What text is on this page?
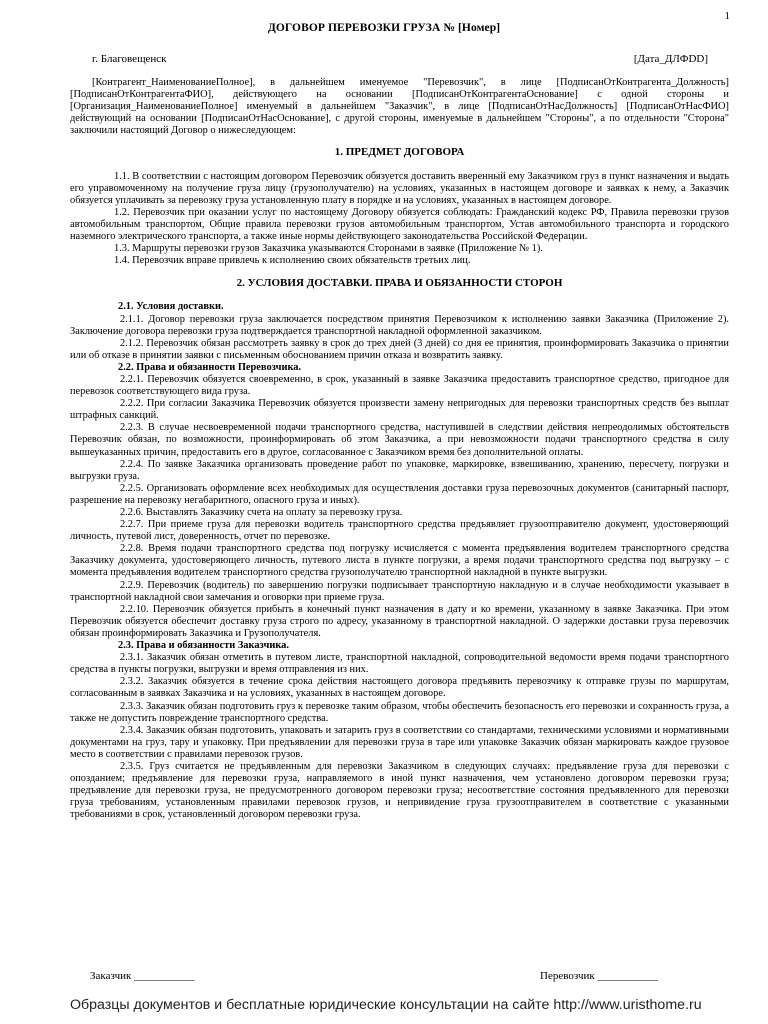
1
ДОГОВОР ПЕРЕВОЗКИ ГРУЗА № [Номер]
г. Благовещенск	[Дата_ДЛФDD]

[Контрагент_НаименованиеПолное], в дальнейшем именуемое "Перевозчик", в лице [ПодписанОтКонтрагента_Должность] [ПодписанОтКонтрагентаФИО], действующего на основании [ПодписанОтКонтрагентаОснование] с одной стороны и [Организация_НаименованиеПолное] именуемый в дальнейшем "Заказчик", в лице [ПодписанОтНасДолжность] [ПодписанОтНасФИО] действующий на основании [ПодписанОтНасОснование], с другой стороны, именуемые в дальнейшем "Стороны", а по отдельности "Сторона" заключили настоящий Договор о нижеследующем:

1. ПРЕДМЕТ ДОГОВОРА

1.1. В соответствии с настоящим договором Перевозчик обязуется доставить вверенный ему Заказчиком груз в пункт назначения и выдать его управомоченному на получение груза лицу (грузополучателю) на условиях, указанных в настоящем договоре и заявках к нему, а Заказчик обязуется уплачивать за перевозку груза установленную плату в порядке и на условиях, указанных в настоящем договоре.

1.2. Перевозчик при оказании услуг по настоящему Договору обязуется соблюдать: Гражданский кодекс РФ, Правила перевозки грузов автомобильным транспортом, Общие правила перевозки грузов автомобильным транспортом, Устав автомобильного транспорта и городского наземного электрического транспорта, а также иные нормы действующего законодательства Российской Федерации.

1.3. Маршруты перевозки грузов Заказчика указываются Сторонами в заявке (Приложение № 1).

1.4. Перевозчик вправе привлечь к исполнению своих обязательств третьих лиц.

2. УСЛОВИЯ ДОСТАВКИ. ПРАВА И ОБЯЗАННОСТИ СТОРОН

2.1. Условия доставки.

2.1.1. Договор перевозки груза заключается посредством принятия Перевозчиком к исполнению заявки Заказчика (Приложение 2). Заключение договора перевозки груза подтверждается транспортной накладной оформленной заказчиком.

2.1.2. Перевозчик обязан рассмотреть заявку в срок до трех дней (3 дней) со дня ее принятия, проинформировать Заказчика о принятии или об отказе в принятии заявки с письменным обоснованием причин отказа и возвратить заявку.

2.2. Права и обязанности Перевозчика.

2.2.1. Перевозчик обязуется своевременно, в срок, указанный в заявке Заказчика предоставить транспортное средство, пригодное для перевозок соответствующего вида груза.

2.2.2. При согласии Заказчика Перевозчик обязуется произвести замену непригодных для перевозки транспортных средств без выплат штрафных санкций.

2.2.3. В случае несвоевременной подачи транспортного средства, наступившей в следствии действия непреодолимых обстоятельств Перевозчик обязан, по возможности, проинформировать об этом Заказчика, а при невозможности подачи транспортного средства в силу вышеуказанных причин, предоставить его в другое, согласованное с Заказчиком время без дополнительной оплаты.

2.2.4. По заявке Заказчика организовать проведение работ по упаковке, маркировке, взвешиванию, хранению, пересчету, погрузки и выгрузки груза.

2.2.5. Организовать оформление всех необходимых для осуществления доставки груза перевозочных документов (санитарный паспорт, разрешение на перевозку негабаритного, опасного груза и иных).

2.2.6. Выставлять Заказчику счета на оплату за перевозку груза.

2.2.7. При приеме груза для перевозки водитель транспортного средства предъявляет грузоотправителю документ, удостоверяющий личность, путевой лист, доверенность, отчет по перевозке.

2.2.8. Время подачи транспортного средства под погрузку исчисляется с момента предъявления водителем транспортного средства Заказчику документа, удостоверяющего личность, путевого листа в пункте погрузки, а время подачи транспортного средства под выгрузку – с момента предъявления водителем транспортного средства грузополучателю транспортной накладной в пункте выгрузки.

2.2.9. Перевозчик (водитель) по завершению погрузки подписывает транспортную накладную и в случае необходимости указывает в транспортной накладной свои замечания и оговорки при приеме груза.

2.2.10. Перевозчик обязуется прибыть в конечный пункт назначения в дату и ко времени, указанному в заявке Заказчика. При этом Перевозчик обязуется обеспечит доставку груза строго по адресу, указанному в транспортной накладной. О задержки доставки груза перевозчик обязан проинформировать Заказчика и Грузополучателя.

2.3. Права и обязанности Заказчика.

2.3.1. Заказчик обязан отметить в путевом листе, транспортной накладной, сопроводительной ведомости время подачи транспортного средства в пункты погрузки, выгрузки и время отправления из них.

2.3.2. Заказчик обязуется в течение срока действия настоящего договора предъявить перевозчику к отправке грузы по маршрутам, согласованным в заявках Заказчика и на условиях, указанных в настоящем договоре.

2.3.3. Заказчик обязан подготовить груз к перевозке таким образом, чтобы обеспечить безопасность его перевозки и сохранность груза, а также не допустить повреждение транспортного средства.

2.3.4. Заказчик обязан подготовить, упаковать и затарить груз в соответствии со стандартами, техническими условиями и нормативными документами на груз, тару и упаковку. При предъявлении для перевозки груза в таре или упаковке Заказчик обязан маркировать каждое грузовое место в соответствии с правилами перевозок грузов.

2.3.5. Груз считается не предъявленным для перевозки Заказчиком в следующих случаях: предъявление груза для перевозки с опозданием; предъявление для перевозки груза, направляемого в иной пункт назначения, чем установлено договором перевозки груза; предъявление для перевозки груза, не предусмотренного договором перевозки груза; несоответствие состояния предъявленного для перевозки груза требованиям, установленным правилами перевозок грузов, и непривидение груза грузоотправителем в соответствие с указанными требованиями в срок, установленный договором перевозки груза.

Заказчик ___________	Перевозчик ___________
Образцы документов и бесплатные юридические консультации на сайте http://www.uristhome.ru
